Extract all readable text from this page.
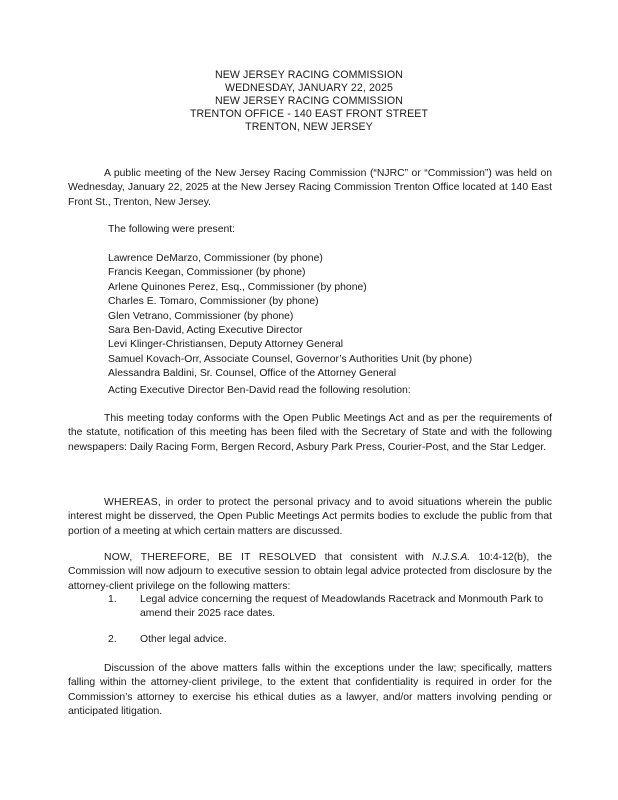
NEW JERSEY RACING COMMISSION
WEDNESDAY, JANUARY 22, 2025
NEW JERSEY RACING COMMISSION
TRENTON OFFICE - 140 EAST FRONT STREET
TRENTON, NEW JERSEY

A public meeting of the New Jersey Racing Commission (“NJRC” or “Commission”) was held on Wednesday, January 22, 2025 at the New Jersey Racing Commission Trenton Office located at 140 East Front St., Trenton, New Jersey.

The following were present:

Lawrence DeMarzo, Commissioner (by phone)
Francis Keegan, Commissioner (by phone)
Arlene Quinones Perez, Esq., Commissioner (by phone)
Charles E. Tomaro, Commissioner (by phone)
Glen Vetrano, Commissioner (by phone)
Sara Ben-David, Acting Executive Director
Levi Klinger-Christiansen, Deputy Attorney General
Samuel Kovach-Orr, Associate Counsel, Governor’s Authorities Unit (by phone)
Alessandra Baldini, Sr. Counsel, Office of the Attorney General

Acting Executive Director Ben-David read the following resolution:

This meeting today conforms with the Open Public Meetings Act and as per the requirements of the statute, notification of this meeting has been filed with the Secretary of State and with the following newspapers: Daily Racing Form, Bergen Record, Asbury Park Press, Courier-Post, and the Star Ledger.

WHEREAS, in order to protect the personal privacy and to avoid situations wherein the public interest might be disserved, the Open Public Meetings Act permits bodies to exclude the public from that portion of a meeting at which certain matters are discussed.

NOW, THEREFORE, BE IT RESOLVED that consistent with N.J.S.A. 10:4-12(b), the Commission will now adjourn to executive session to obtain legal advice protected from disclosure by the attorney-client privilege on the following matters:

1.	Legal advice concerning the request of Meadowlands Racetrack and Monmouth Park to amend their 2025 race dates.
2.	Other legal advice.

Discussion of the above matters falls within the exceptions under the law; specifically, matters falling within the attorney-client privilege, to the extent that confidentiality is required in order for the Commission’s attorney to exercise his ethical duties as a lawyer, and/or matters involving pending or anticipated litigation.
